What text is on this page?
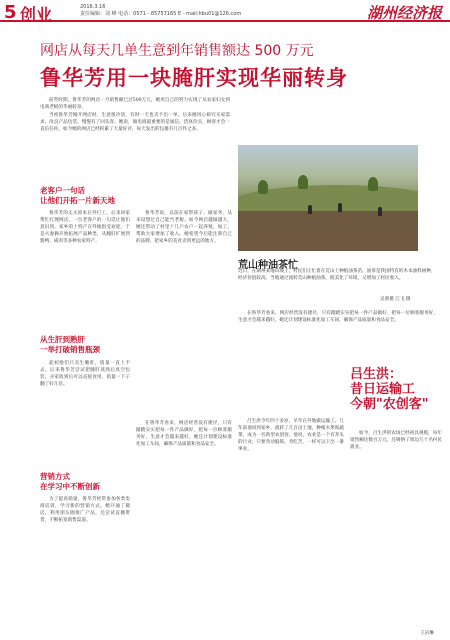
5 创业	2016.3.16
责任编辑：刘 峰 电话：0571－85757165 E－mail:hbu01@126.com	湖州经济报
网店从每天几单生意到年销售额达 500 万元
鲁华芳用一块腌肝实现华丽转身

前些时期，鲁华芳的网店一月销售额已过500万元，她用自己的努力实现了从农家妇女到电商老板的华丽转身。

当初鲁华芳刚开网店时，生意很冷清，有时一天也卖不出一单。后来她用心研究买家需求，改良产品包装，慢慢有了回头客。她说，做电商最重要的是诚信，货真价实，顾客才会一直信任你。如今她的网店已经积累了大量好评，每天发出的包裹有几百件之多。

老客户一句话
让他们开拓一片新天地

鲁华芳的丈夫原本在外打工，后来回家帮忙打理网店。一位老客户的一句话让他们意识到，家乡的土特产在外地很受欢迎。于是夫妻俩开始拓展产品种类，从腌肝扩展到酱鸭、咸肉等多种农家特产。

从生肝到熟肝
一举打破销售瓶颈

起初他们只卖生腌肝，销量一直上不去。后来鲁华芳尝试把腌肝蒸熟后真空包装，买家收到后可以直接食用，销量一下子翻了好几倍。

营销方式
在学习中不断创新

为了提高销量，鲁华芳经常参加各类电商培训，学习新的营销方式。她开通了微店，利用朋友圈推广产品，还尝试直播带货，不断拓宽销售渠道。

鲁华芳说，以前在家带孩子、做家务，从来没想过自己能当老板。如今网店越做越大，她还带动了村里十几户农户一起养殖、加工，帮助大家增加了收入。她希望今后能注册自己的品牌，把家乡的美食卖到更远的地方。

在鲁华芳看来，网店经营没有捷径，只有踏踏实实把每一件产品做好，把每一位顾客服务好，生意才会越来越好。她还计划建设标准化加工车间，确保产品质量和食品安全。

在鲁华芳看来，网店经营没有捷径，只有踏踏实实把每一件产品做好，把每一位顾客服务好，生意才会越来越好。她还计划建设标准化加工车间，确保产品质量和食品安全。

荒山种油茶忙
近日，在湖州某地山坡上，村民们正忙着在荒山上种植油茶苗。油茶是我国特有的木本油料树种，经济价值较高。当地通过流转荒山种植油茶，既美化了环境，又增加了村民收入。
吴蕾摄 江飞 摄
吕生洪：
昔日运输工
今朝"农创客"

吕生洪今年四十多岁，早年在外地做运输工。几年前他回到家乡，流转了几百亩土地，种植水果和蔬菜，成为一名新型农创客。他说，农业是一个有奔头的行业，只要肯动脑筋、肯吃苦，一样可以干出一番事业。

如今，吕生洪的农场已经初具规模，每年销售额达数百万元，还吸纳了周边几十名村民就业。

王岩琳
